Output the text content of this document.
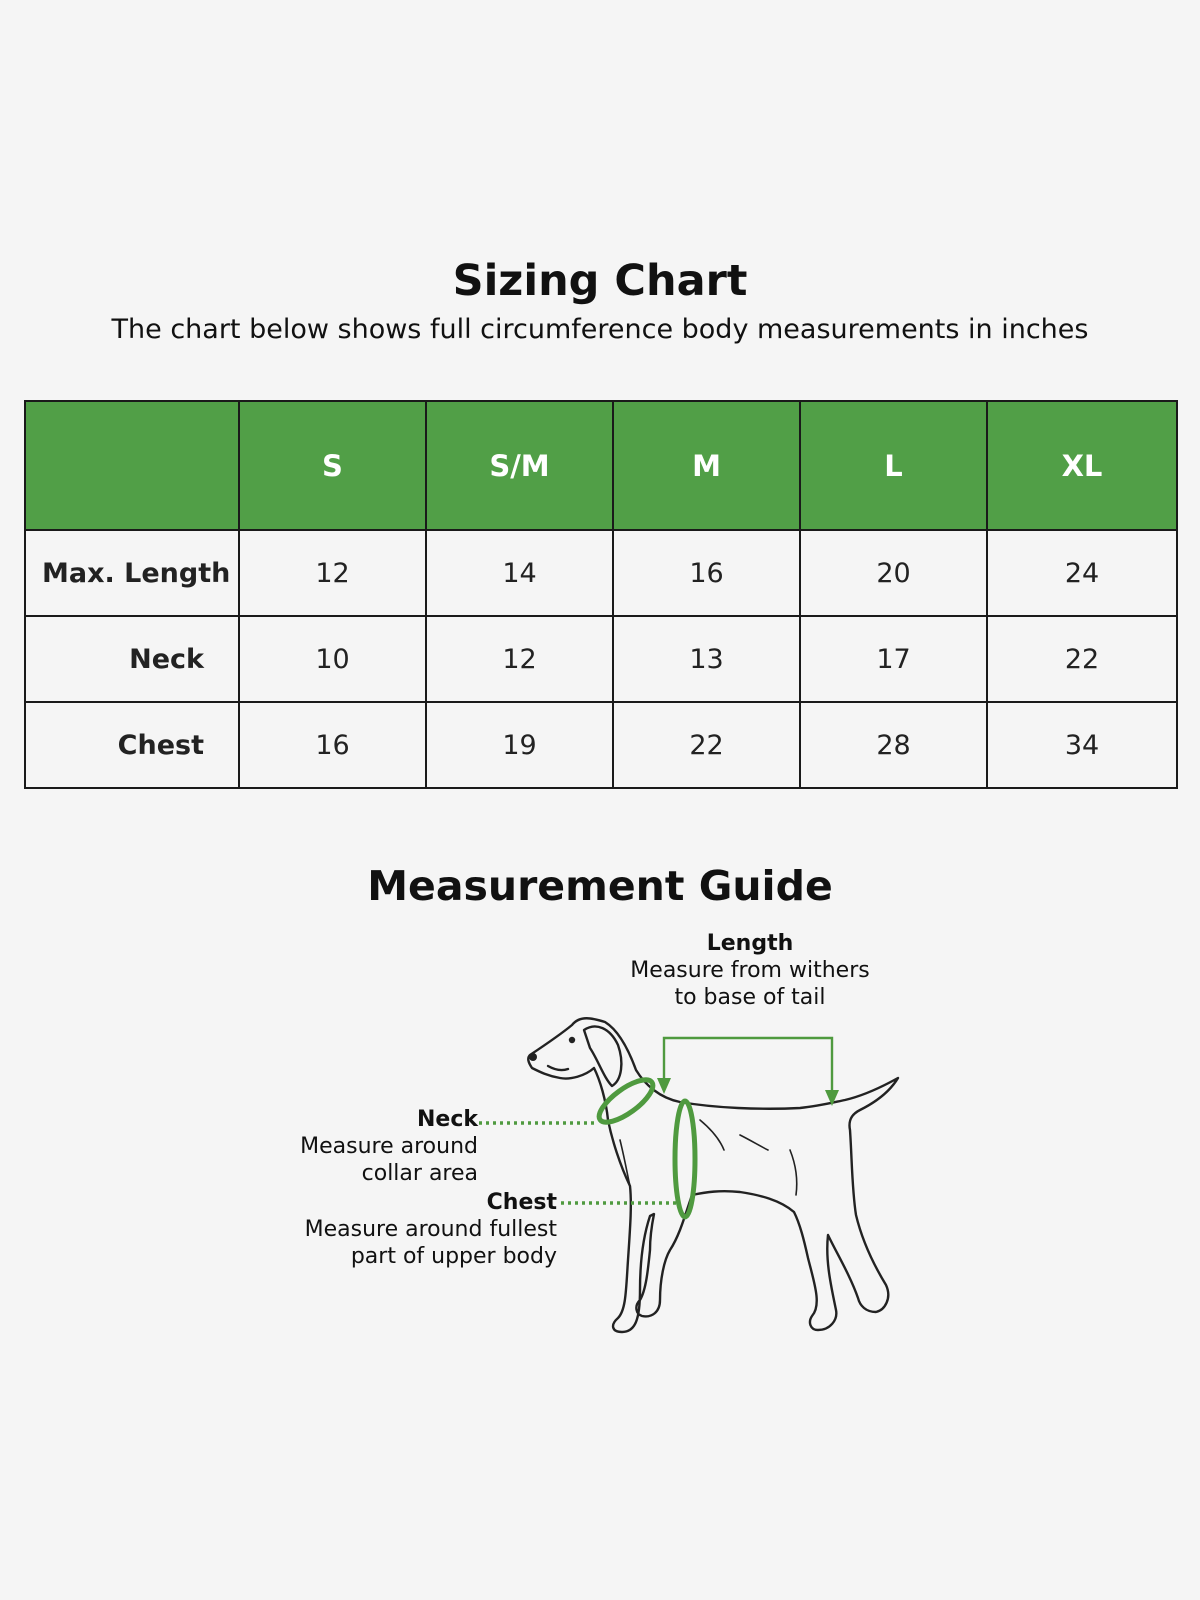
Sizing Chart

The chart below shows full circumference body measurements in inches

	S	S/M	M	L	XL
Max. Length	12	14	16	20	24
Neck	10	12	13	17	22
Chest	16	19	22	28	34
Measurement Guide
Length
Measure from withers
to base of tail
Neck
Measure around
collar area
Chest
Measure around fullest
part of upper body
